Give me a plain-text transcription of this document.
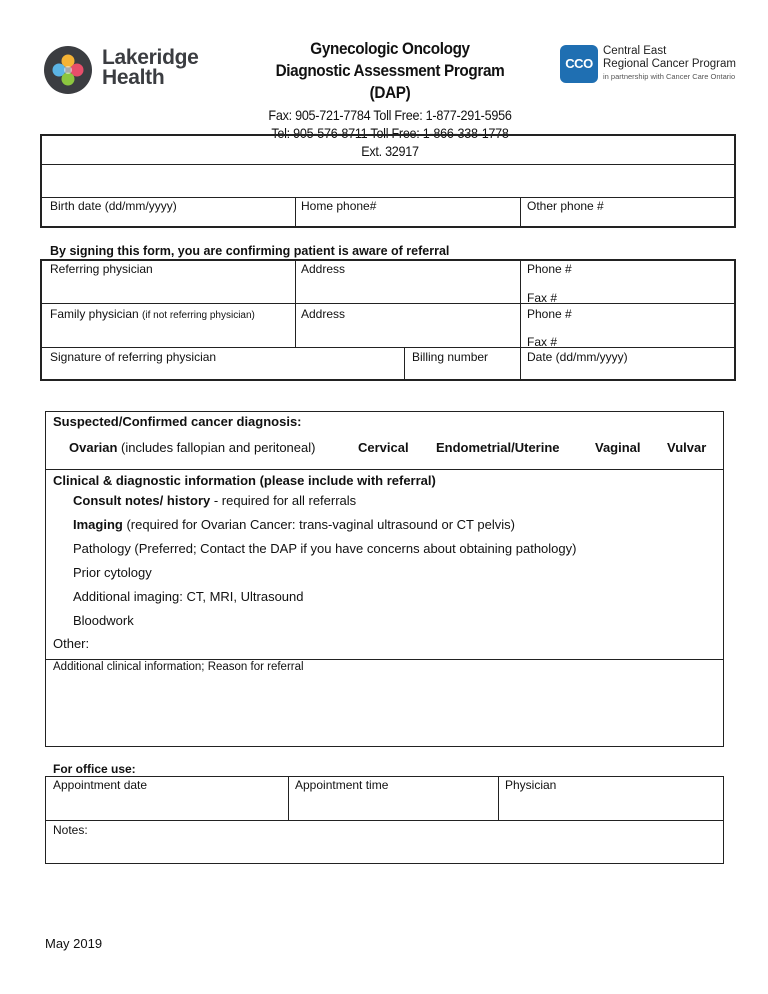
Lakeridge
Health
Gynecologic Oncology
Diagnostic Assessment Program (DAP)
Fax: 905-721-7784 Toll Free: 1-877-291-5956
Tel: 905-576-8711 Toll Free: 1-866-338-1778
Ext. 32917
CCO
Central East
Regional Cancer Program
in partnership with Cancer Care Ontario
Birth date (dd/mm/yyyy)	Home phone#	Other phone #
By signing this form, you are confirming patient is aware of referral
Referring physician	Address	Phone #
Fax #
Family physician (if not referring physician)	Address	Phone #
Fax #
Signature of referring physician	Billing number	Date (dd/mm/yyyy)
Suspected/Confirmed cancer diagnosis:
Ovarian (includes fallopian and peritoneal)	Cervical Endometrial/Uterine	Vaginal Vulvar
Clinical & diagnostic information (please include with referral)
Consult notes/ history - required for all referrals
Imaging (required for Ovarian Cancer: trans-vaginal ultrasound or CT pelvis)
Pathology (Preferred; Contact the DAP if you have concerns about obtaining pathology)
Prior cytology
Additional imaging: CT, MRI, Ultrasound
Bloodwork
Other:
Additional clinical information; Reason for referral
For office use:
Appointment date	Appointment time	Physician
Notes:
May 2019
